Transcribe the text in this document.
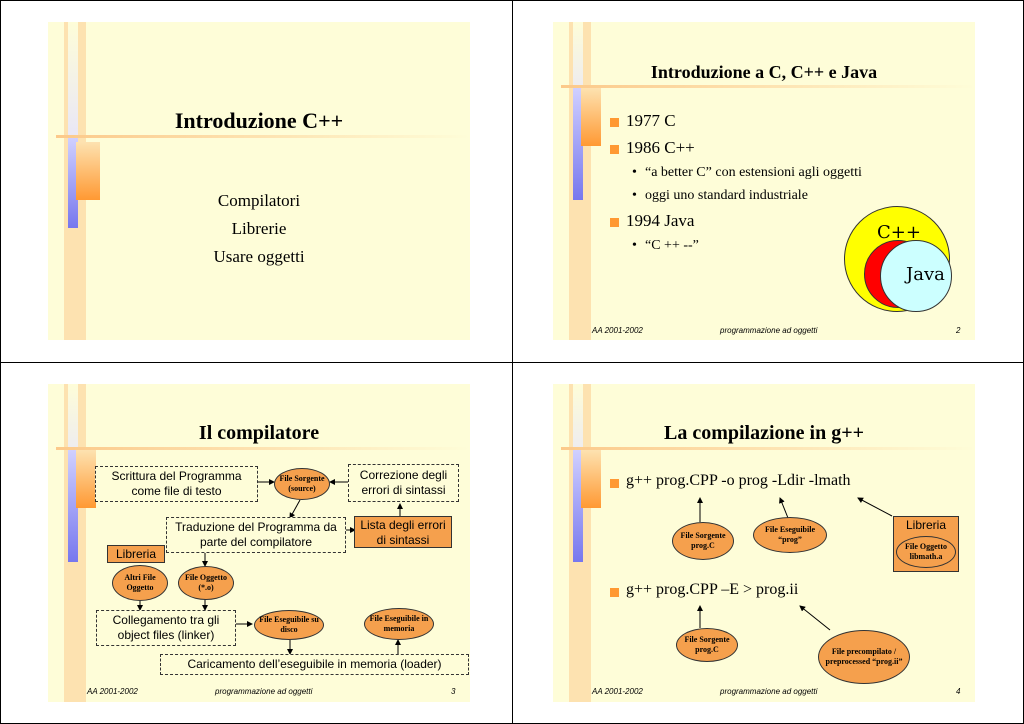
Introduzione C++
Compilatori
Librerie
Usare oggetti
Introduzione a C, C++ e Java
1977 C
1986 C++
• “a better C” con estensioni agli oggetti
• oggi uno standard industriale
1994 Java
• “C ++ --”
C++
Java
AA 2001-2002	programmazione ad oggetti	2
Il compilatore
Scrittura del Programma come file di testo
File Sorgente (source)
Correzione degli errori di sintassi
Traduzione del Programma da parte del compilatore
Lista degli errori di sintassi
Libreria
Altri File Oggetto
File Oggetto (*.o)
Collegamento tra gli object files (linker)
File Eseguibile su disco
File Eseguibile in memoria
Caricamento dell’eseguibile in memoria (loader)
AA 2001-2002	programmazione ad oggetti	3
La compilazione in g++
g++ prog.CPP -o prog -Ldir -lmath
g++ prog.CPP –E > prog.ii
File Sorgente prog.C
File Eseguibile “prog”
Libreria
File Oggetto libmath.a
File Sorgente prog.C	File precompilato / preprocessed “prog.ii”
AA 2001-2002	programmazione ad oggetti	4
